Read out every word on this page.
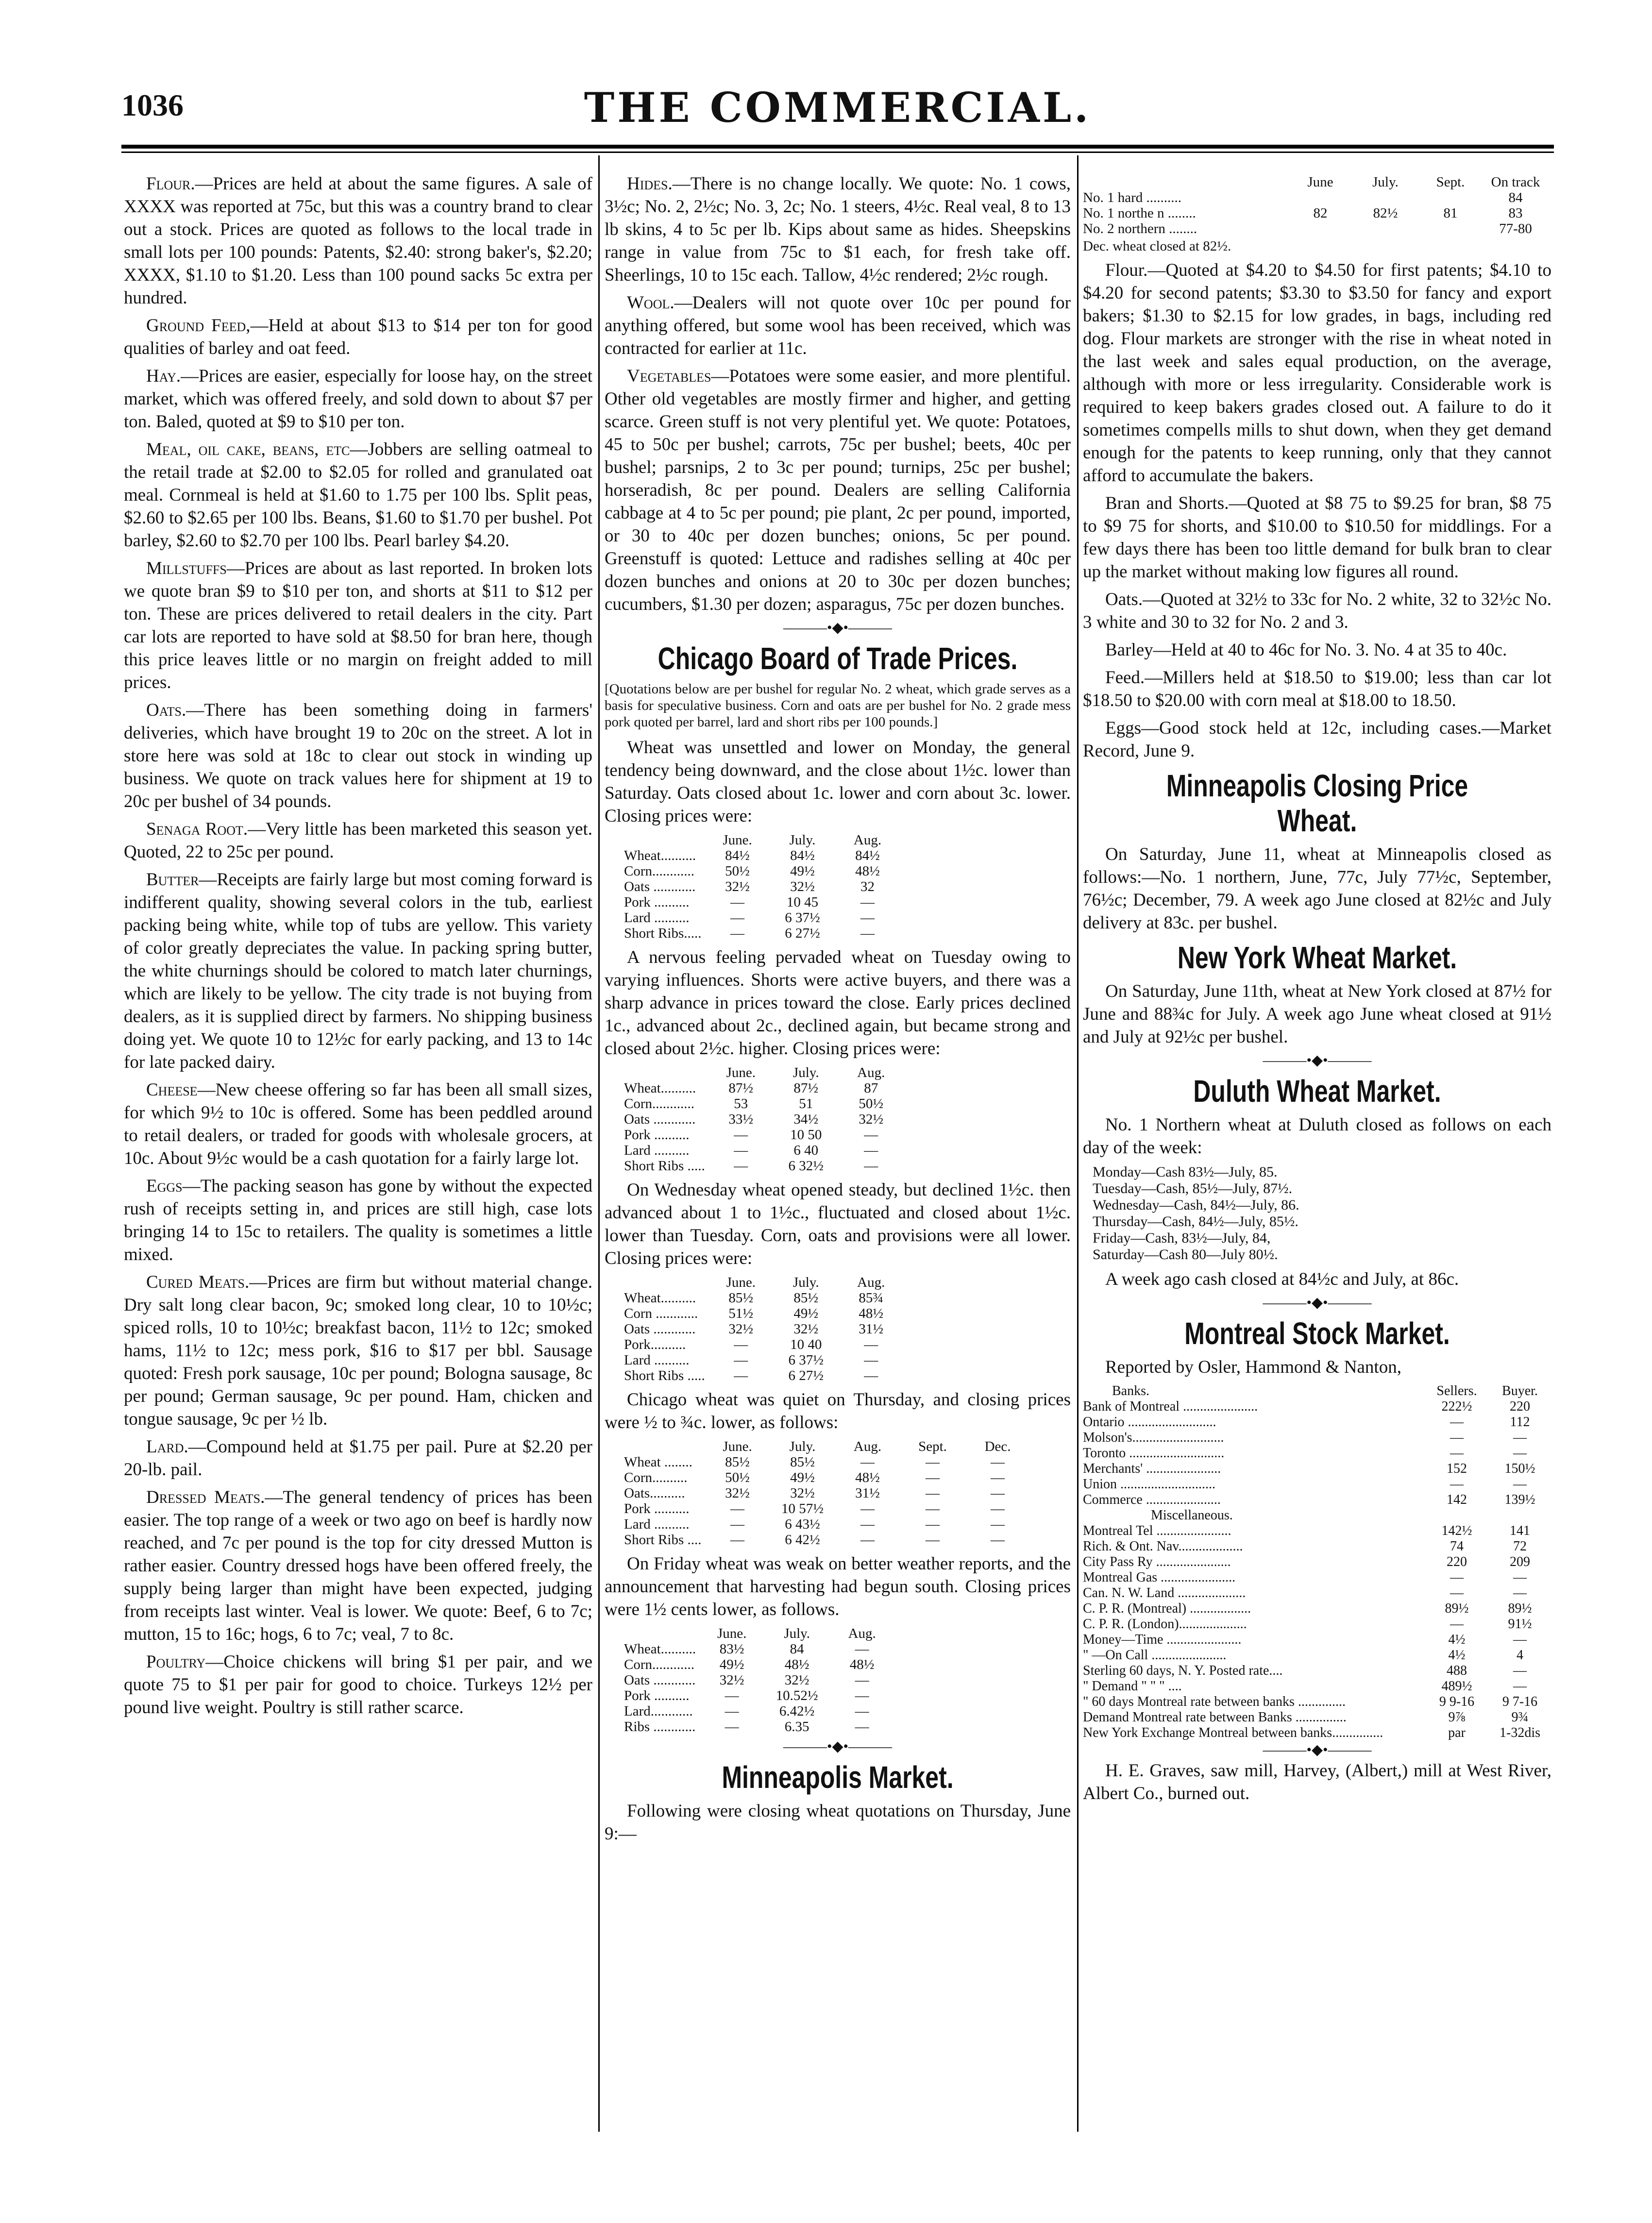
1036	THE COMMERCIAL.

Flour.—Prices are held at about the same figures. A sale of XXXX was reported at 75c, but this was a country brand to clear out a stock. Prices are quoted as follows to the local trade in small lots per 100 pounds: Patents, $2.40: strong baker's, $2.20; XXXX, $1.10 to $1.20. Less than 100 pound sacks 5c extra per hundred.

Ground Feed,—Held at about $13 to $14 per ton for good qualities of barley and oat feed.

Hay.—Prices are easier, especially for loose hay, on the street market, which was offered freely, and sold down to about $7 per ton. Baled, quoted at $9 to $10 per ton.

Meal, oil cake, beans, etc—Jobbers are selling oatmeal to the retail trade at $2.00 to $2.05 for rolled and granulated oat meal. Cornmeal is held at $1.60 to 1.75 per 100 lbs. Split peas, $2.60 to $2.65 per 100 lbs. Beans, $1.60 to $1.70 per bushel. Pot barley, $2.60 to $2.70 per 100 lbs. Pearl barley $4.20.

Millstuffs—Prices are about as last reported. In broken lots we quote bran $9 to $10 per ton, and shorts at $11 to $12 per ton. These are prices delivered to retail dealers in the city. Part car lots are reported to have sold at $8.50 for bran here, though this price leaves little or no margin on freight added to mill prices.

Oats.—There has been something doing in farmers' deliveries, which have brought 19 to 20c on the street. A lot in store here was sold at 18c to clear out stock in winding up business. We quote on track values here for shipment at 19 to 20c per bushel of 34 pounds.

Senaga Root.—Very little has been marketed this season yet. Quoted, 22 to 25c per pound.

Butter—Receipts are fairly large but most coming forward is indifferent quality, showing several colors in the tub, earliest packing being white, while top of tubs are yellow. This variety of color greatly depreciates the value. In packing spring butter, the white churnings should be colored to match later churnings, which are likely to be yellow. The city trade is not buying from dealers, as it is supplied direct by farmers. No shipping business doing yet. We quote 10 to 12½c for early packing, and 13 to 14c for late packed dairy.

Cheese—New cheese offering so far has been all small sizes, for which 9½ to 10c is offered. Some has been peddled around to retail dealers, or traded for goods with wholesale grocers, at 10c. About 9½c would be a cash quotation for a fairly large lot.

Eggs—The packing season has gone by without the expected rush of receipts setting in, and prices are still high, case lots bringing 14 to 15c to retailers. The quality is sometimes a little mixed.

Cured Meats.—Prices are firm but without material change. Dry salt long clear bacon, 9c; smoked long clear, 10 to 10½c; spiced rolls, 10 to 10½c; breakfast bacon, 11½ to 12c; smoked hams, 11½ to 12c; mess pork, $16 to $17 per bbl. Sausage quoted: Fresh pork sausage, 10c per pound; Bologna sausage, 8c per pound; German sausage, 9c per pound. Ham, chicken and tongue sausage, 9c per ½ lb.

Lard.—Compound held at $1.75 per pail. Pure at $2.20 per 20-lb. pail.

Dressed Meats.—The general tendency of prices has been easier. The top range of a week or two ago on beef is hardly now reached, and 7c per pound is the top for city dressed Mutton is rather easier. Country dressed hogs have been offered freely, the supply being larger than might have been expected, judging from receipts last winter. Veal is lower. We quote: Beef, 6 to 7c; mutton, 15 to 16c; hogs, 6 to 7c; veal, 7 to 8c.

Poultry—Choice chickens will bring $1 per pair, and we quote 75 to $1 per pair for good to choice. Turkeys 12½ per pound live weight. Poultry is still rather scarce.

Hides.—There is no change locally. We quote: No. 1 cows, 3½c; No. 2, 2½c; No. 3, 2c; No. 1 steers, 4½c. Real veal, 8 to 13 lb skins, 4 to 5c per lb. Kips about same as hides. Sheepskins range in value from 75c to $1 each, for fresh take off. Sheerlings, 10 to 15c each. Tallow, 4½c rendered; 2½c rough.

Wool.—Dealers will not quote over 10c per pound for anything offered, but some wool has been received, which was contracted for earlier at 11c.

Vegetables—Potatoes were some easier, and more plentiful. Other old vegetables are mostly firmer and higher, and getting scarce. Green stuff is not very plentiful yet. We quote: Potatoes, 45 to 50c per bushel; carrots, 75c per bushel; beets, 40c per bushel; parsnips, 2 to 3c per pound; turnips, 25c per bushel; horseradish, 8c per pound. Dealers are selling California cabbage at 4 to 5c per pound; pie plant, 2c per pound, imported, or 30 to 40c per dozen bunches; onions, 5c per pound. Greenstuff is quoted: Lettuce and radishes selling at 40c per dozen bunches and onions at 20 to 30c per dozen bunches; cucumbers, $1.30 per dozen; asparagus, 75c per dozen bunches.

———•◆•———
Chicago Board of Trade Prices.

[Quotations below are per bushel for regular No. 2 wheat, which grade serves as a basis for speculative business. Corn and oats are per bushel for No. 2 grade mess pork quoted per barrel, lard and short ribs per 100 pounds.]

Wheat was unsettled and lower on Monday, the general tendency being downward, and the close about 1½c. lower than Saturday. Oats closed about 1c. lower and corn about 3c. lower. Closing prices were:

	June.	July.	Aug.
Wheat..........	84½	84½	84½
Corn............	50½	49½	48½
Oats ............	32½	32½	32
Pork ..........	—	10 45	—
Lard ..........	—	6 37½	—
Short Ribs.....	—	6 27½	—

A nervous feeling pervaded wheat on Tuesday owing to varying influences. Shorts were active buyers, and there was a sharp advance in prices toward the close. Early prices declined 1c., advanced about 2c., declined again, but became strong and closed about 2½c. higher. Closing prices were:

	June.	July.	Aug.
Wheat..........	87½	87½	87
Corn............	53	51	50½
Oats ............	33½	34½	32½
Pork ..........	—	10 50	—
Lard ..........	—	6 40	—
Short Ribs .....	—	6 32½	—

On Wednesday wheat opened steady, but declined 1½c. then advanced about 1 to 1½c., fluctuated and closed about 1½c. lower than Tuesday. Corn, oats and provisions were all lower. Closing prices were:

	June.	July.	Aug.
Wheat..........	85½	85½	85¾
Corn ............	51½	49½	48½
Oats ............	32½	32½	31½
Pork..........	—	10 40	—
Lard ..........	—	6 37½	—
Short Ribs .....	—	6 27½	—

Chicago wheat was quiet on Thursday, and closing prices were ½ to ¾c. lower, as follows:

	June.	July.	Aug.	Sept.	Dec.
Wheat ........	85½	85½	—	—	—
Corn..........	50½	49½	48½	—	—
Oats..........	32½	32½	31½	—	—
Pork ..........	—	10 57½	—	—	—
Lard ..........	—	6 43½	—	—	—
Short Ribs ....	—	6 42½	—	—	—

On Friday wheat was weak on better weather reports, and the announcement that harvesting had begun south. Closing prices were 1½ cents lower, as follows.

	June.	July.	Aug.
Wheat..........	83½	84	—
Corn............	49½	48½	48½
Oats ............	32½	32½	—
Pork ..........	—	10.52½	—
Lard............	—	6.42½	—
Ribs ............	—	6.35	—
———•◆•———
Minneapolis Market.

Following were closing wheat quotations on Thursday, June 9:—

	June	July.	Sept.	On track
No. 1 hard ..........				84
No. 1 northe n ........	82	82½	81	83
No. 2 northern ........				77-80
Dec. wheat closed at 82½.

Flour.—Quoted at $4.20 to $4.50 for first patents; $4.10 to $4.20 for second patents; $3.30 to $3.50 for fancy and export bakers; $1.30 to $2.15 for low grades, in bags, including red dog. Flour markets are stronger with the rise in wheat noted in the last week and sales equal production, on the average, although with more or less irregularity. Considerable work is required to keep bakers grades closed out. A failure to do it sometimes compells mills to shut down, when they get demand enough for the patents to keep running, only that they cannot afford to accumulate the bakers.

Bran and Shorts.—Quoted at $8 75 to $9.25 for bran, $8 75 to $9 75 for shorts, and $10.00 to $10.50 for middlings. For a few days there has been too little demand for bulk bran to clear up the market without making low figures all round.

Oats.—Quoted at 32½ to 33c for No. 2 white, 32 to 32½c No. 3 white and 30 to 32 for No. 2 and 3.

Barley—Held at 40 to 46c for No. 3. No. 4 at 35 to 40c.

Feed.—Millers held at $18.50 to $19.00; less than car lot $18.50 to $20.00 with corn meal at $18.00 to 18.50.

Eggs—Good stock held at 12c, including cases.—Market Record, June 9.

Minneapolis Closing Price Wheat.

On Saturday, June 11, wheat at Minneapolis closed as follows:—No. 1 northern, June, 77c, July 77½c, September, 76½c; December, 79. A week ago June closed at 82½c and July delivery at 83c. per bushel.

New York Wheat Market.

On Saturday, June 11th, wheat at New York closed at 87½ for June and 88¾c for July. A week ago June wheat closed at 91½ and July at 92½c per bushel.

———•◆•———
Duluth Wheat Market.

No. 1 Northern wheat at Duluth closed as follows on each day of the week:

Monday—Cash 83½—July, 85.
Tuesday—Cash, 85½—July, 87½.
Wednesday—Cash, 84½—July, 86.
Thursday—Cash, 84½—July, 85½.
Friday—Cash, 83½—July, 84,
Saturday—Cash 80—July 80½.

A week ago cash closed at 84½c and July, at 86c.

———•◆•———
Montreal Stock Market.

Reported by Osler, Hammond & Nanton,

Banks.	Sellers.	Buyer.
Bank of Montreal ......................	222½	220
Ontario ..........................	—	112
Molson's...........................	—	—
Toronto ............................	—	—
Merchants' ......................	152	150½
Union ............................	—	—
Commerce ......................	142	139½
Miscellaneous.		
Montreal Tel ......................	142½	141
Rich. & Ont. Nav...................	74	72
City Pass Ry ......................	220	209
Montreal Gas ......................	—	—
Can. N. W. Land ....................	—	—
C. P. R. (Montreal) ..................	89½	89½
C. P. R. (London)....................	—	91½
Money—Time ......................	4½	—
" —On Call ......................	4½	4
Sterling 60 days, N. Y. Posted rate....	488	—
" Demand " " " ....	489½	—
" 60 days Montreal rate between banks ..............	9 9-16	9 7-16
Demand Montreal rate between Banks ...............	9⅞	9¾
New York Exchange Montreal between banks...............	par	1-32dis
———•◆•———

H. E. Graves, saw mill, Harvey, (Albert,) mill at West River, Albert Co., burned out.
